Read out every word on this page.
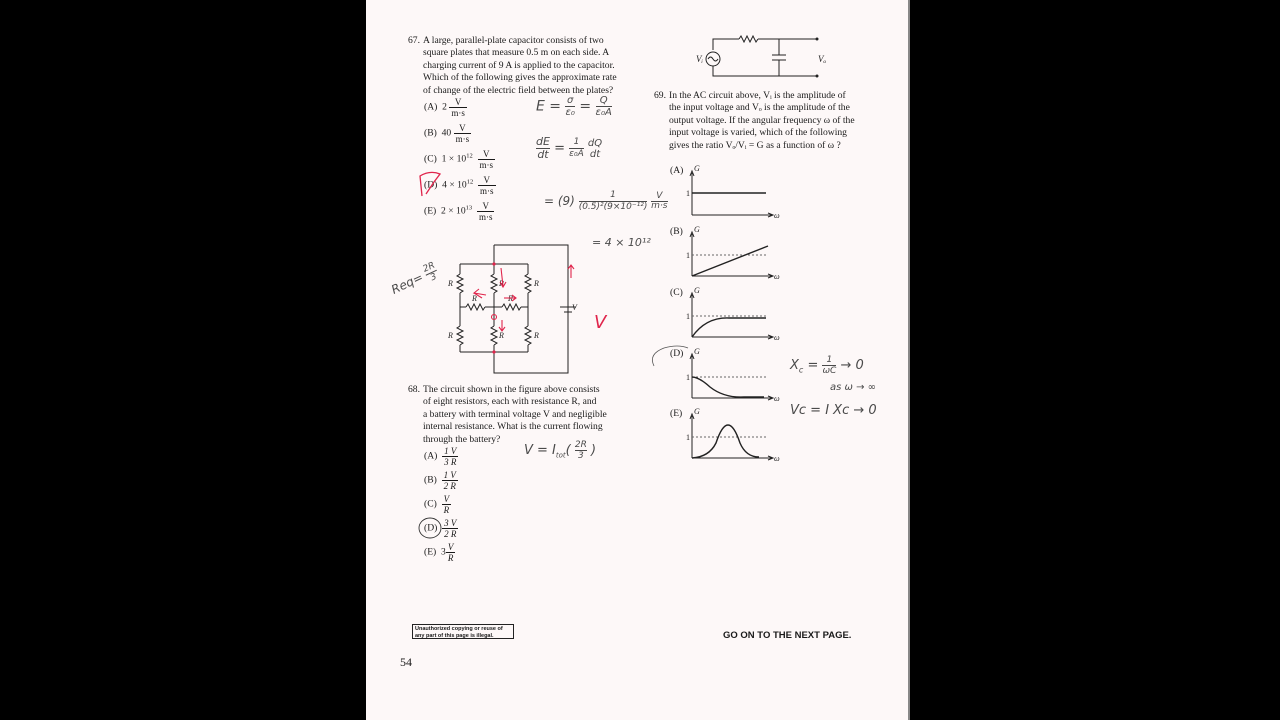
67. A large, parallel-plate capacitor consists of two
square plates that measure 0.5 m on each side. A
charging current of 9 A is applied to the capacitor.
Which of the following gives the approximate rate
of change of the electric field between the plates?
(A) $2 \frac{V}{m\cdot s}$
(B) $40 \frac{V}{m\cdot s}$
(C) $1 \times 10^{12} \frac{V}{m\cdot s}$
(D) $4 \times 10^{12} \frac{V}{m\cdot s}$
(E) $2 \times 10^{13} \frac{V}{m\cdot s}$
E = σ
ε₀ = Q
ε₀A
dE
dt = 1
ε₀A
dQ
dt
= (9)	1
(0.5)²(9×10⁻¹²)
V
m·s
= 4 × 10¹²
R	R	R
R	R	R
R	R
V
V
Req=
2R
3
68. The circuit shown in the figure above consists
of eight resistors, each with resistance R, and
a battery with terminal voltage V and negligible
internal resistance. What is the current flowing
through the battery?
$(A) \frac{1 V}{3 R}$
$(B) \frac{1 V}{2 R}$
$(C) \frac{V}{R}$
$(D) \frac{3 V}{2 R}$
(E) $3 \frac{V}{R}$
$V = I_{tot}$( 2R
3 )
Vᵢ	Vₒ
69. In the AC circuit above, Vᵢ is the amplitude of
the input voltage and Vₒ is the amplitude of the
output voltage. If the angular frequency ω of the
input voltage is varied, which of the following
gives the ratio Vₒ/Vᵢ = G as a function of ω ?
(A) G
1
ω
(B) G
1
ω
(C) G
1
ω
(D) G
1
ω
(E) G
1
ω
$X_c = 1$
ωC → 0
as ω → ∞
Vc = I Xc → 0
Unauthorized copying or reuse of any part of this page is illegal.	GO ON TO THE NEXT PAGE.
54
